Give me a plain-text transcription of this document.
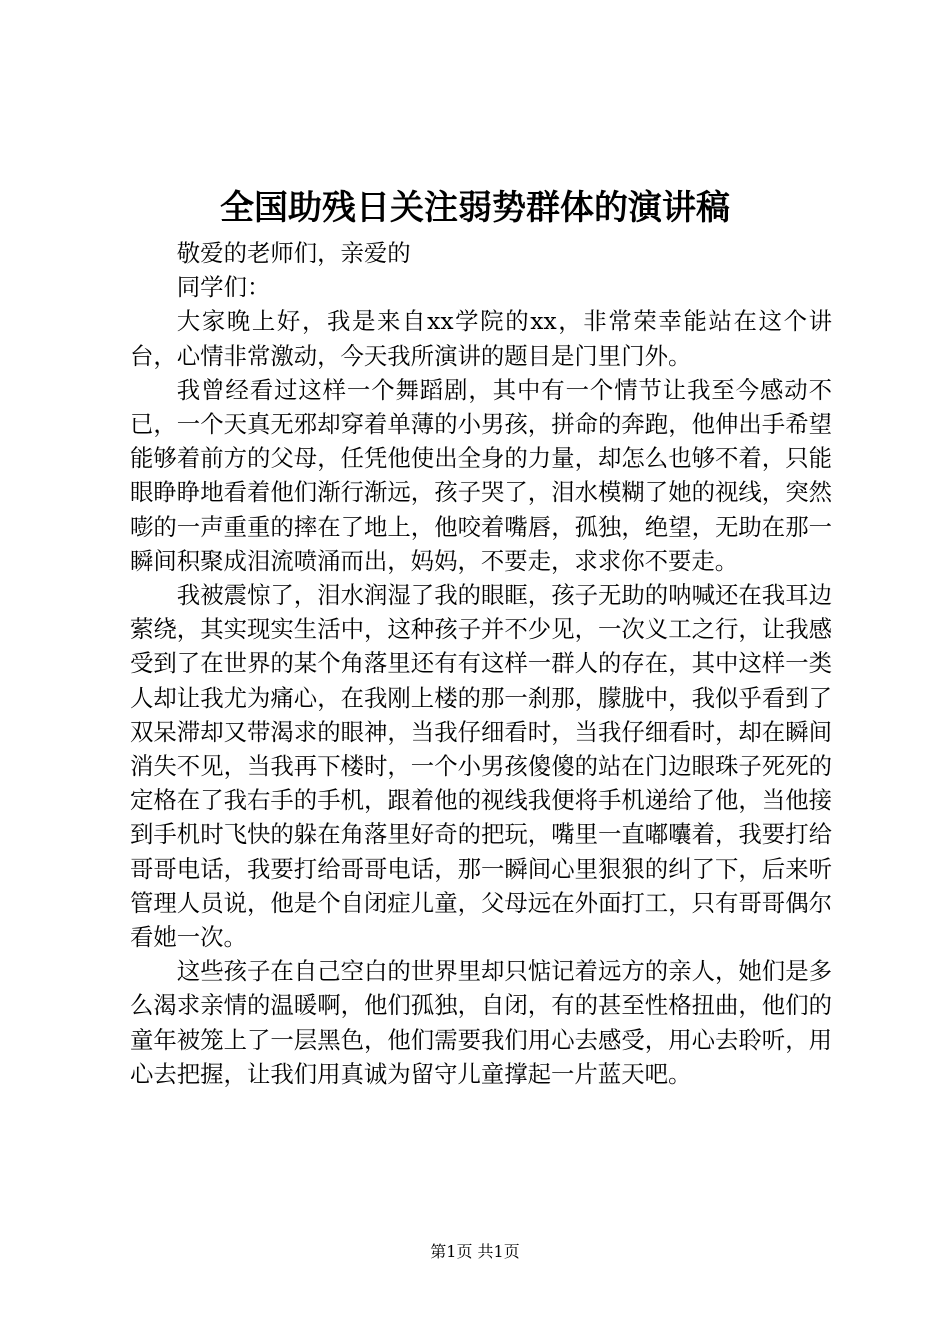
全国助残日关注弱势群体的演讲稿

敬爱的老师们，亲爱的

同学们：

大家晚上好，我是来自xx学院的xx，非常荣幸能站在这个讲台，心情非常激动，今天我所演讲的题目是门里门外。

我曾经看过这样一个舞蹈剧，其中有一个情节让我至今感动不已，一个天真无邪却穿着单薄的小男孩，拼命的奔跑，他伸出手希望能够着前方的父母，任凭他使出全身的力量，却怎么也够不着，只能眼睁睁地看着他们渐行渐远，孩子哭了，泪水模糊了她的视线，突然嘭的一声重重的摔在了地上，他咬着嘴唇，孤独，绝望，无助在那一瞬间积聚成泪流喷涌而出，妈妈，不要走，求求你不要走。

我被震惊了，泪水润湿了我的眼眶，孩子无助的呐喊还在我耳边萦绕，其实现实生活中，这种孩子并不少见，一次义工之行，让我感受到了在世界的某个角落里还有有这样一群人的存在，其中这样一类人却让我尤为痛心，在我刚上楼的那一刹那，朦胧中，我似乎看到了双呆滞却又带渴求的眼神，当我仔细看时，当我仔细看时，却在瞬间消失不见，当我再下楼时，一个小男孩傻傻的站在门边眼珠子死死的定格在了我右手的手机，跟着他的视线我便将手机递给了他，当他接到手机时飞快的躲在角落里好奇的把玩，嘴里一直嘟囔着，我要打给哥哥电话，我要打给哥哥电话，那一瞬间心里狠狠的纠了下，后来听管理人员说，他是个自闭症儿童，父母远在外面打工，只有哥哥偶尔看她一次。

这些孩子在自己空白的世界里却只惦记着远方的亲人，她们是多么渴求亲情的温暖啊，他们孤独，自闭，有的甚至性格扭曲，他们的童年被笼上了一层黑色，他们需要我们用心去感受，用心去聆听，用心去把握，让我们用真诚为留守儿童撑起一片蓝天吧。

第1页 共1页
